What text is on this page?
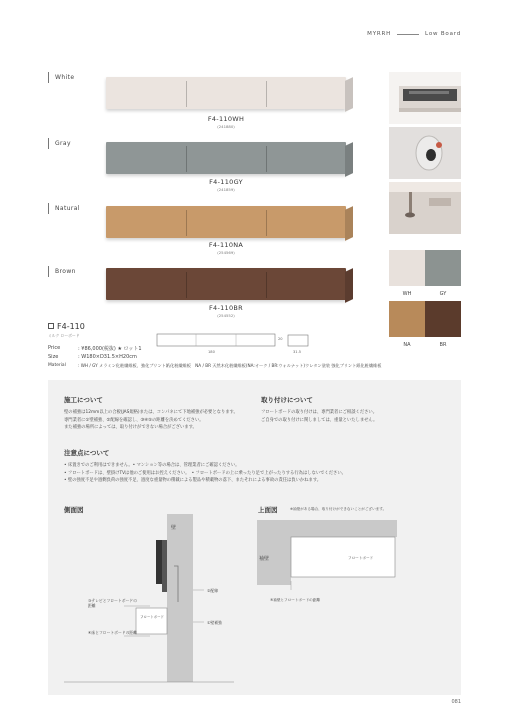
MYRRH	Low Board
White
F4-110WH
(241880)
Gray
F4-110GY
(241859)
Natural
F4-110NA
(254569)
Brown
F4-110BR
(254552)
WH	GY
NA	BR
F4-110
ミルク ローボード
Price	: ¥86,000(税抜) ★ ロット1
Size	: W180×D31.5×H20cm
Material	: WH / GY メラミン化粧繊維板、強化プリント紙化粧繊維板　NA / BR 天然木化粧繊維板(NA:オーク / BR:ウォルナット)ウレタン塗装 強化プリント紙化粧繊維板
180	31.5
20
施工について
壁の補強は12mm以上の合板(JAS規格)または、コンパネにて下地補強が必要となります。
専門業者に①壁補強、②配線を確認し、③④⑤の距離を決めてください。
また補強の場所によっては、取り付けができない場合がございます。
取り付けについて
フロートボードの取り付けは、専門業者にご相談ください。
ご自身での取り付けに関しましては、重量といたしません。
注意点について
• 床置きでのご利用はできません。• マンション等の場合は、管理業者にご確認ください。
• フロートボードは、壁掛けTVは他のご使用はお控えください。　• フロートボードの上に乗ったり足で上がったりする行為はしないでください。
• 壁の強度不足や過剰負荷の強度不足、過度な重量物の積載による製品や積載物の落下、またそれによる事故の責任は負いかねます。
側面図
壁
②配線
①壁補強
③テレビとフロートボードの距離
④床とフロートボードの距離
フロートボード
上面図	※袖壁がある場合、取り付けができないことがございます。
袖壁	フロートボード
⑤袖壁とフロートボードの距離
081
